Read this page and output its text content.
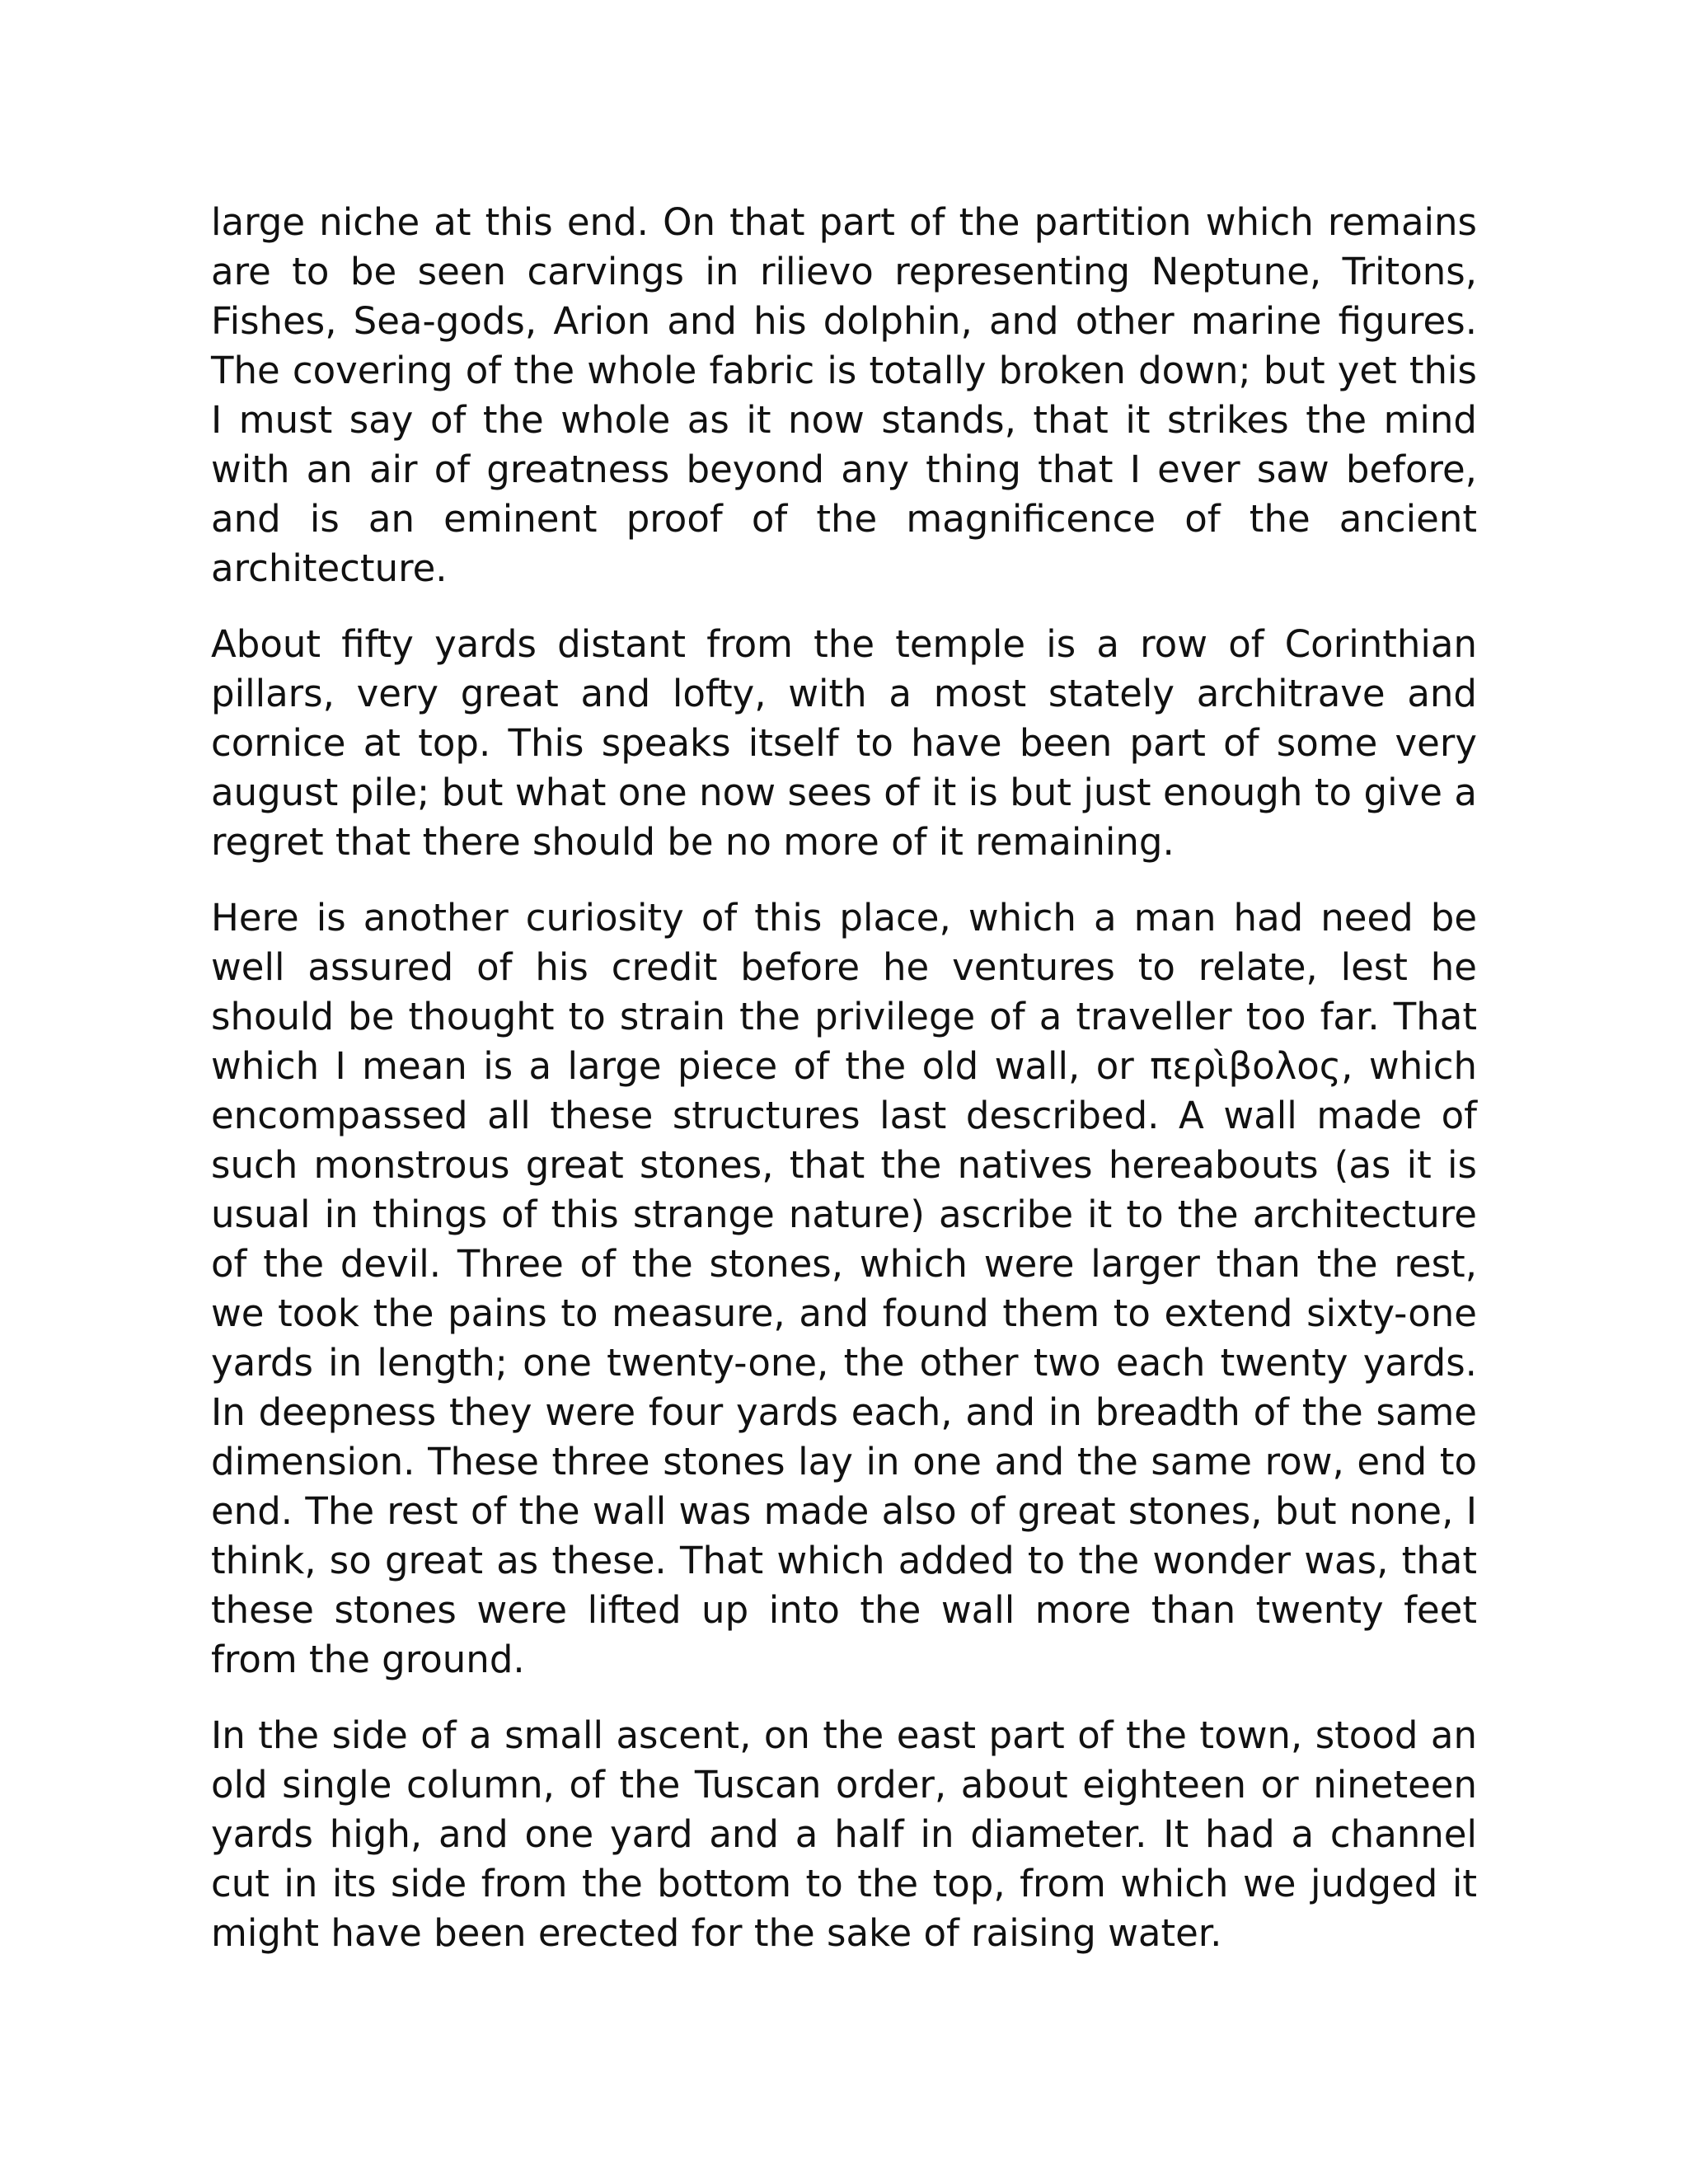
large niche at this end. On that part of the partition which remains are to be seen carvings in rilievo representing Neptune, Tritons, Fishes, Sea-gods, Arion and his dolphin, and other marine figures. The covering of the whole fabric is totally broken down; but yet this I must say of the whole as it now stands, that it strikes the mind with an air of greatness beyond any thing that I ever saw before, and is an eminent proof of the magnificence of the ancient architecture.

About fifty yards distant from the temple is a row of Corinthian pillars, very great and lofty, with a most stately architrave and cornice at top. This speaks itself to have been part of some very august pile; but what one now sees of it is but just enough to give a regret that there should be no more of it remaining.

Here is another curiosity of this place, which a man had need be well assured of his credit before he ventures to relate, lest he should be thought to strain the privilege of a traveller too far. That which I mean is a large piece of the old wall, or περὶβολος, which encompassed all these structures last described. A wall made of such monstrous great stones, that the natives hereabouts (as it is usual in things of this strange nature) ascribe it to the architecture of the devil. Three of the stones, which were larger than the rest, we took the pains to measure, and found them to extend sixty-one yards in length; one twenty-one, the other two each twenty yards. In deepness they were four yards each, and in breadth of the same dimension. These three stones lay in one and the same row, end to end. The rest of the wall was made also of great stones, but none, I think, so great as these. That which added to the wonder was, that these stones were lifted up into the wall more than twenty feet from the ground.

In the side of a small ascent, on the east part of the town, stood an old single column, of the Tuscan order, about eighteen or nineteen yards high, and one yard and a half in diameter. It had a channel cut in its side from the bottom to the top, from which we judged it might have been erected for the sake of raising water.
